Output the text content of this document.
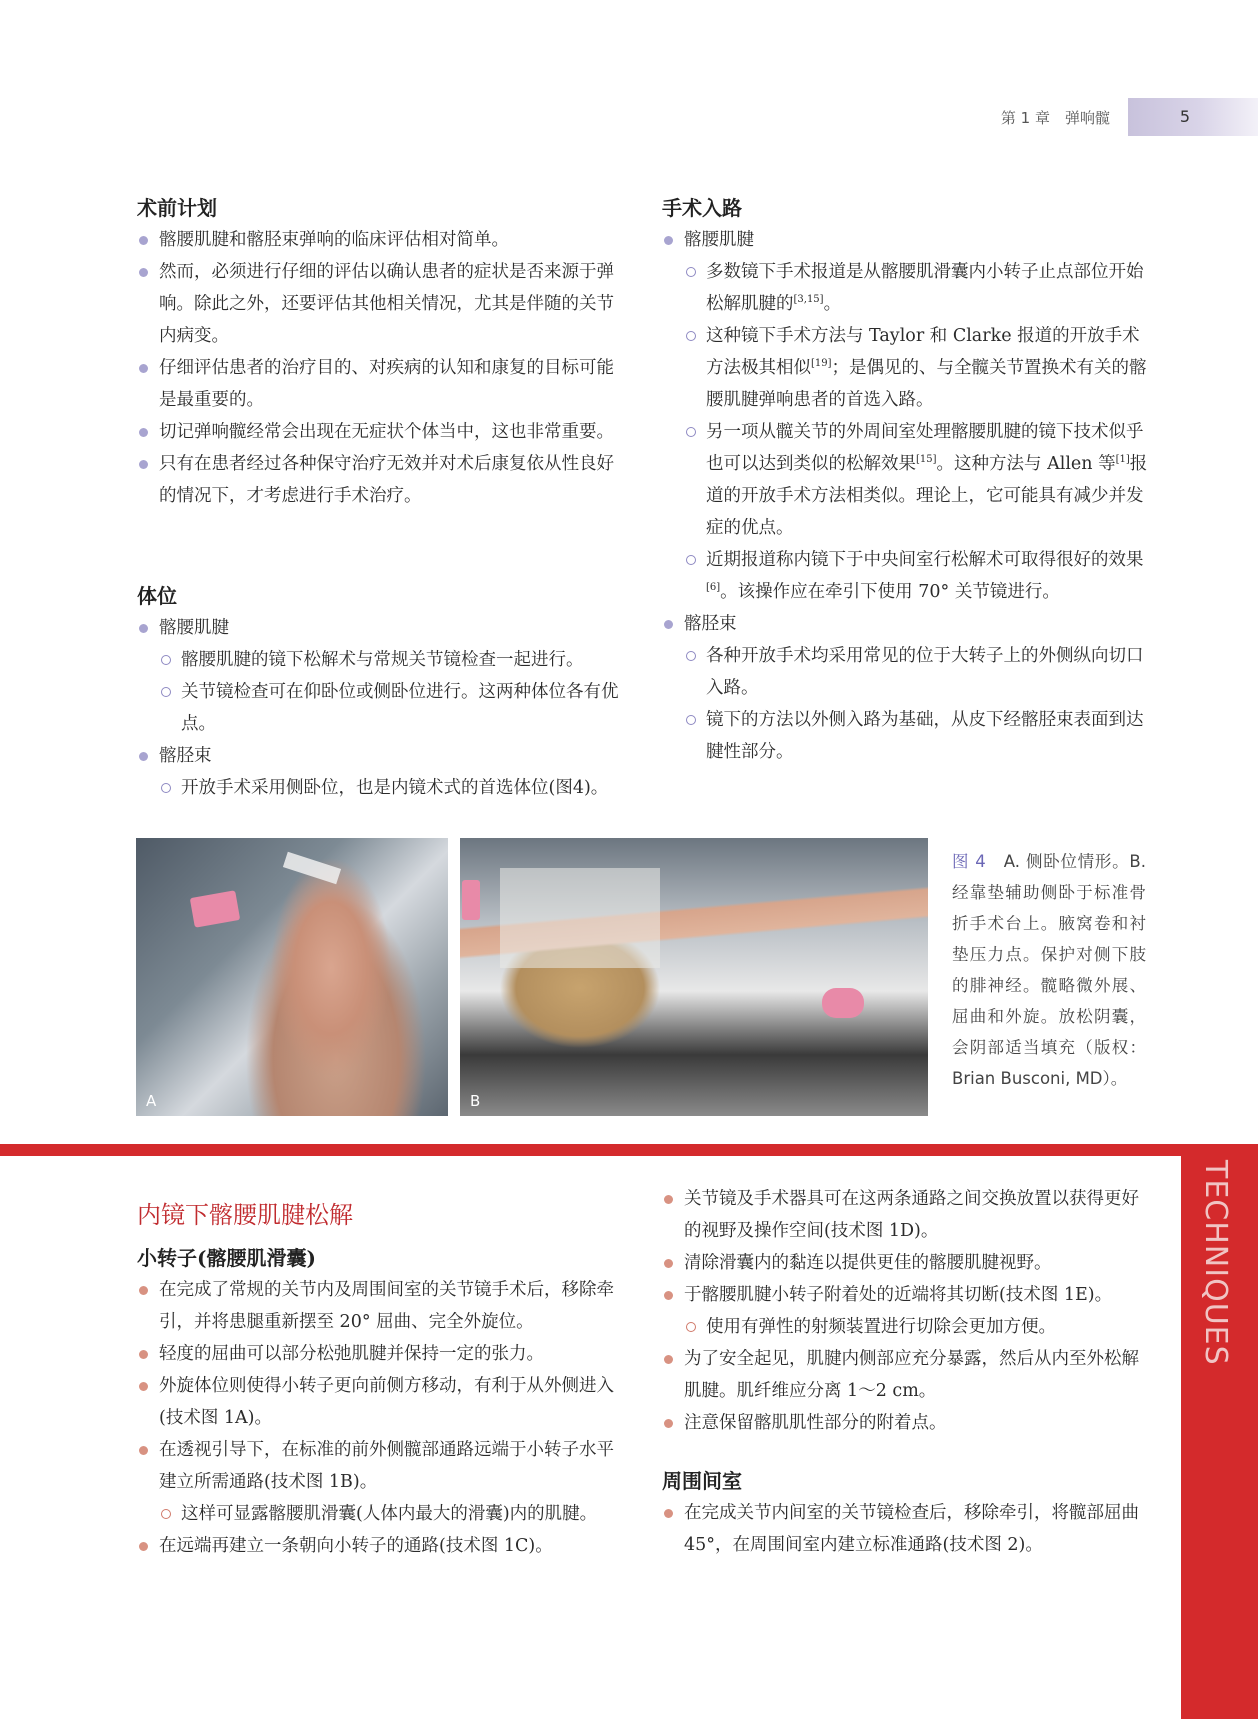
第 1 章　弹响髋	5
术前计划
髂腰肌腱和髂胫束弹响的临床评估相对简单。
然而，必须进行仔细的评估以确认患者的症状是否来源于弹响。除此之外，还要评估其他相关情况，尤其是伴随的关节内病变。
仔细评估患者的治疗目的、对疾病的认知和康复的目标可能是最重要的。
切记弹响髋经常会出现在无症状个体当中，这也非常重要。
只有在患者经过各种保守治疗无效并对术后康复依从性良好的情况下，才考虑进行手术治疗。
体位
髂腰肌腱
髂腰肌腱的镜下松解术与常规关节镜检查一起进行。
关节镜检查可在仰卧位或侧卧位进行。这两种体位各有优点。
髂胫束
开放手术采用侧卧位，也是内镜术式的首选体位(图4)。
手术入路
髂腰肌腱
多数镜下手术报道是从髂腰肌滑囊内小转子止点部位开始松解肌腱的[3,15]。
这种镜下手术方法与 Taylor 和 Clarke 报道的开放手术方法极其相似[19]；是偶见的、与全髋关节置换术有关的髂腰肌腱弹响患者的首选入路。
另一项从髋关节的外周间室处理髂腰肌腱的镜下技术似乎也可以达到类似的松解效果[15]。这种方法与 Allen 等[1]报道的开放手术方法相类似。理论上，它可能具有减少并发症的优点。
近期报道称内镜下于中央间室行松解术可取得很好的效果[6]。该操作应在牵引下使用 70° 关节镜进行。
髂胫束
各种开放手术均采用常见的位于大转子上的外侧纵向切口入路。
镜下的方法以外侧入路为基础，从皮下经髂胫束表面到达腱性部分。
A	B
图 4　A. 侧卧位情形。B. 经靠垫辅助侧卧于标准骨折手术台上。腋窝卷和衬垫压力点。保护对侧下肢的腓神经。髋略微外展、屈曲和外旋。放松阴囊，会阴部适当填充（版权：Brian Busconi, MD）。
TECHNIQUES
内镜下髂腰肌腱松解
小转子(髂腰肌滑囊)
在完成了常规的关节内及周围间室的关节镜手术后，移除牵引，并将患腿重新摆至 20° 屈曲、完全外旋位。
轻度的屈曲可以部分松弛肌腱并保持一定的张力。
外旋体位则使得小转子更向前侧方移动，有利于从外侧进入(技术图 1A)。
在透视引导下，在标准的前外侧髋部通路远端于小转子水平建立所需通路(技术图 1B)。
这样可显露髂腰肌滑囊(人体内最大的滑囊)内的肌腱。
在远端再建立一条朝向小转子的通路(技术图 1C)。
关节镜及手术器具可在这两条通路之间交换放置以获得更好的视野及操作空间(技术图 1D)。
清除滑囊内的黏连以提供更佳的髂腰肌腱视野。
于髂腰肌腱小转子附着处的近端将其切断(技术图 1E)。
使用有弹性的射频装置进行切除会更加方便。
为了安全起见，肌腱内侧部应充分暴露，然后从内至外松解肌腱。肌纤维应分离 1～2 cm。
注意保留髂肌肌性部分的附着点。
周围间室
在完成关节内间室的关节镜检查后，移除牵引，将髋部屈曲 45°，在周围间室内建立标准通路(技术图 2)。
